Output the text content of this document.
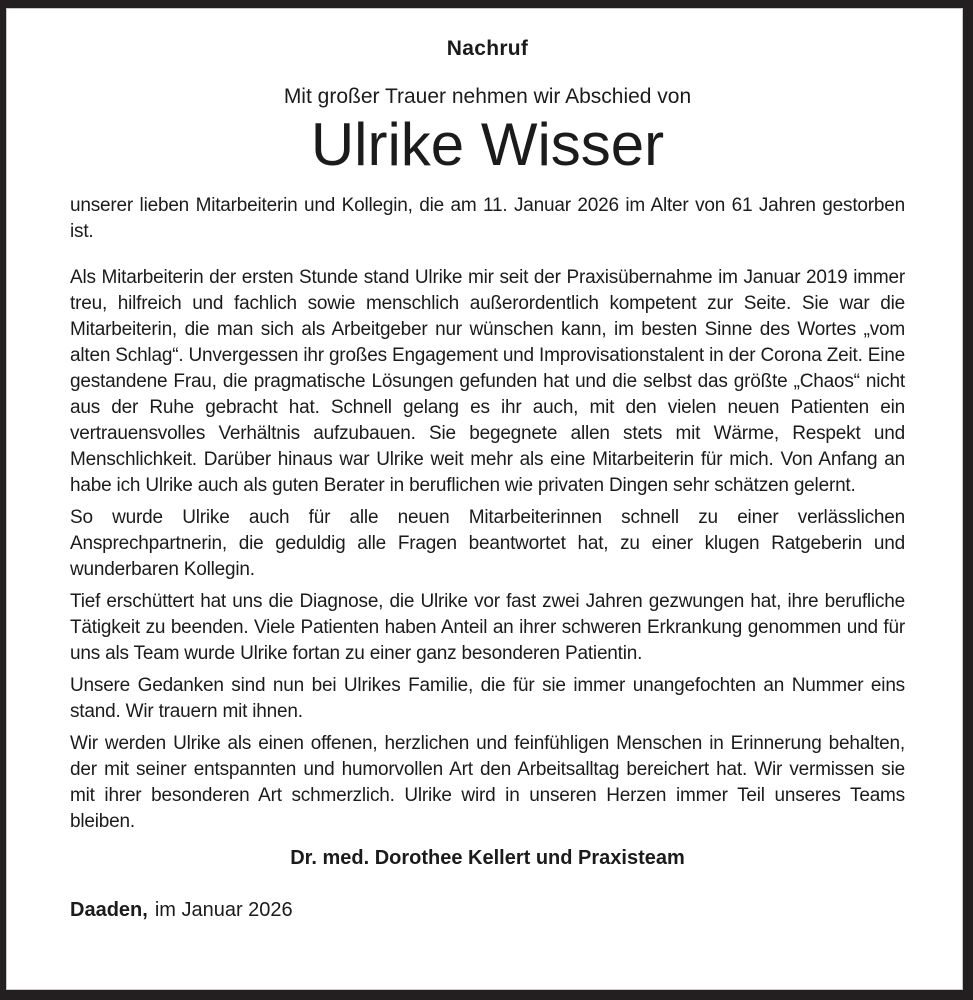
Nachruf
Mit großer Trauer nehmen wir Abschied von
Ulrike Wisser

unserer lieben Mitarbeiterin und Kollegin, die am 11. Januar 2026 im Alter von 61 Jahren gestorben ist.

Als Mitarbeiterin der ersten Stunde stand Ulrike mir seit der Praxisübernahme im Januar 2019 immer treu, hilfreich und fachlich sowie menschlich außerordentlich kompetent zur Seite. Sie war die Mitarbeiterin, die man sich als Arbeitgeber nur wünschen kann, im besten Sinne des Wortes „vom alten Schlag“. Unvergessen ihr großes Engagement und Improvisationstalent in der Corona Zeit. Eine gestandene Frau, die pragmatische Lösungen gefunden hat und die selbst das größte „Chaos“ nicht aus der Ruhe gebracht hat. Schnell gelang es ihr auch, mit den vielen neuen Patienten ein vertrauensvolles Verhältnis aufzubauen. Sie begegnete allen stets mit Wärme, Respekt und Menschlichkeit. Darüber hinaus war Ulrike weit mehr als eine Mitarbeiterin für mich. Von Anfang an habe ich Ulrike auch als guten Berater in beruflichen wie privaten Dingen sehr schätzen gelernt.

So wurde Ulrike auch für alle neuen Mitarbeiterinnen schnell zu einer verlässlichen Ansprechpartnerin, die geduldig alle Fragen beantwortet hat, zu einer klugen Ratgeberin und wunderbaren Kollegin.

Tief erschüttert hat uns die Diagnose, die Ulrike vor fast zwei Jahren gezwungen hat, ihre berufliche Tätigkeit zu beenden. Viele Patienten haben Anteil an ihrer schweren Erkrankung genommen und für uns als Team wurde Ulrike fortan zu einer ganz besonderen Patientin.

Unsere Gedanken sind nun bei Ulrikes Familie, die für sie immer unangefochten an Nummer eins stand. Wir trauern mit ihnen.

Wir werden Ulrike als einen offenen, herzlichen und feinfühligen Menschen in Erinnerung behalten, der mit seiner entspannten und humorvollen Art den Arbeitsalltag bereichert hat. Wir vermissen sie mit ihrer besonderen Art schmerzlich. Ulrike wird in unseren Herzen immer Teil unseres Teams bleiben.

Dr. med. Dorothee Kellert und Praxisteam
Daaden, im Januar 2026
